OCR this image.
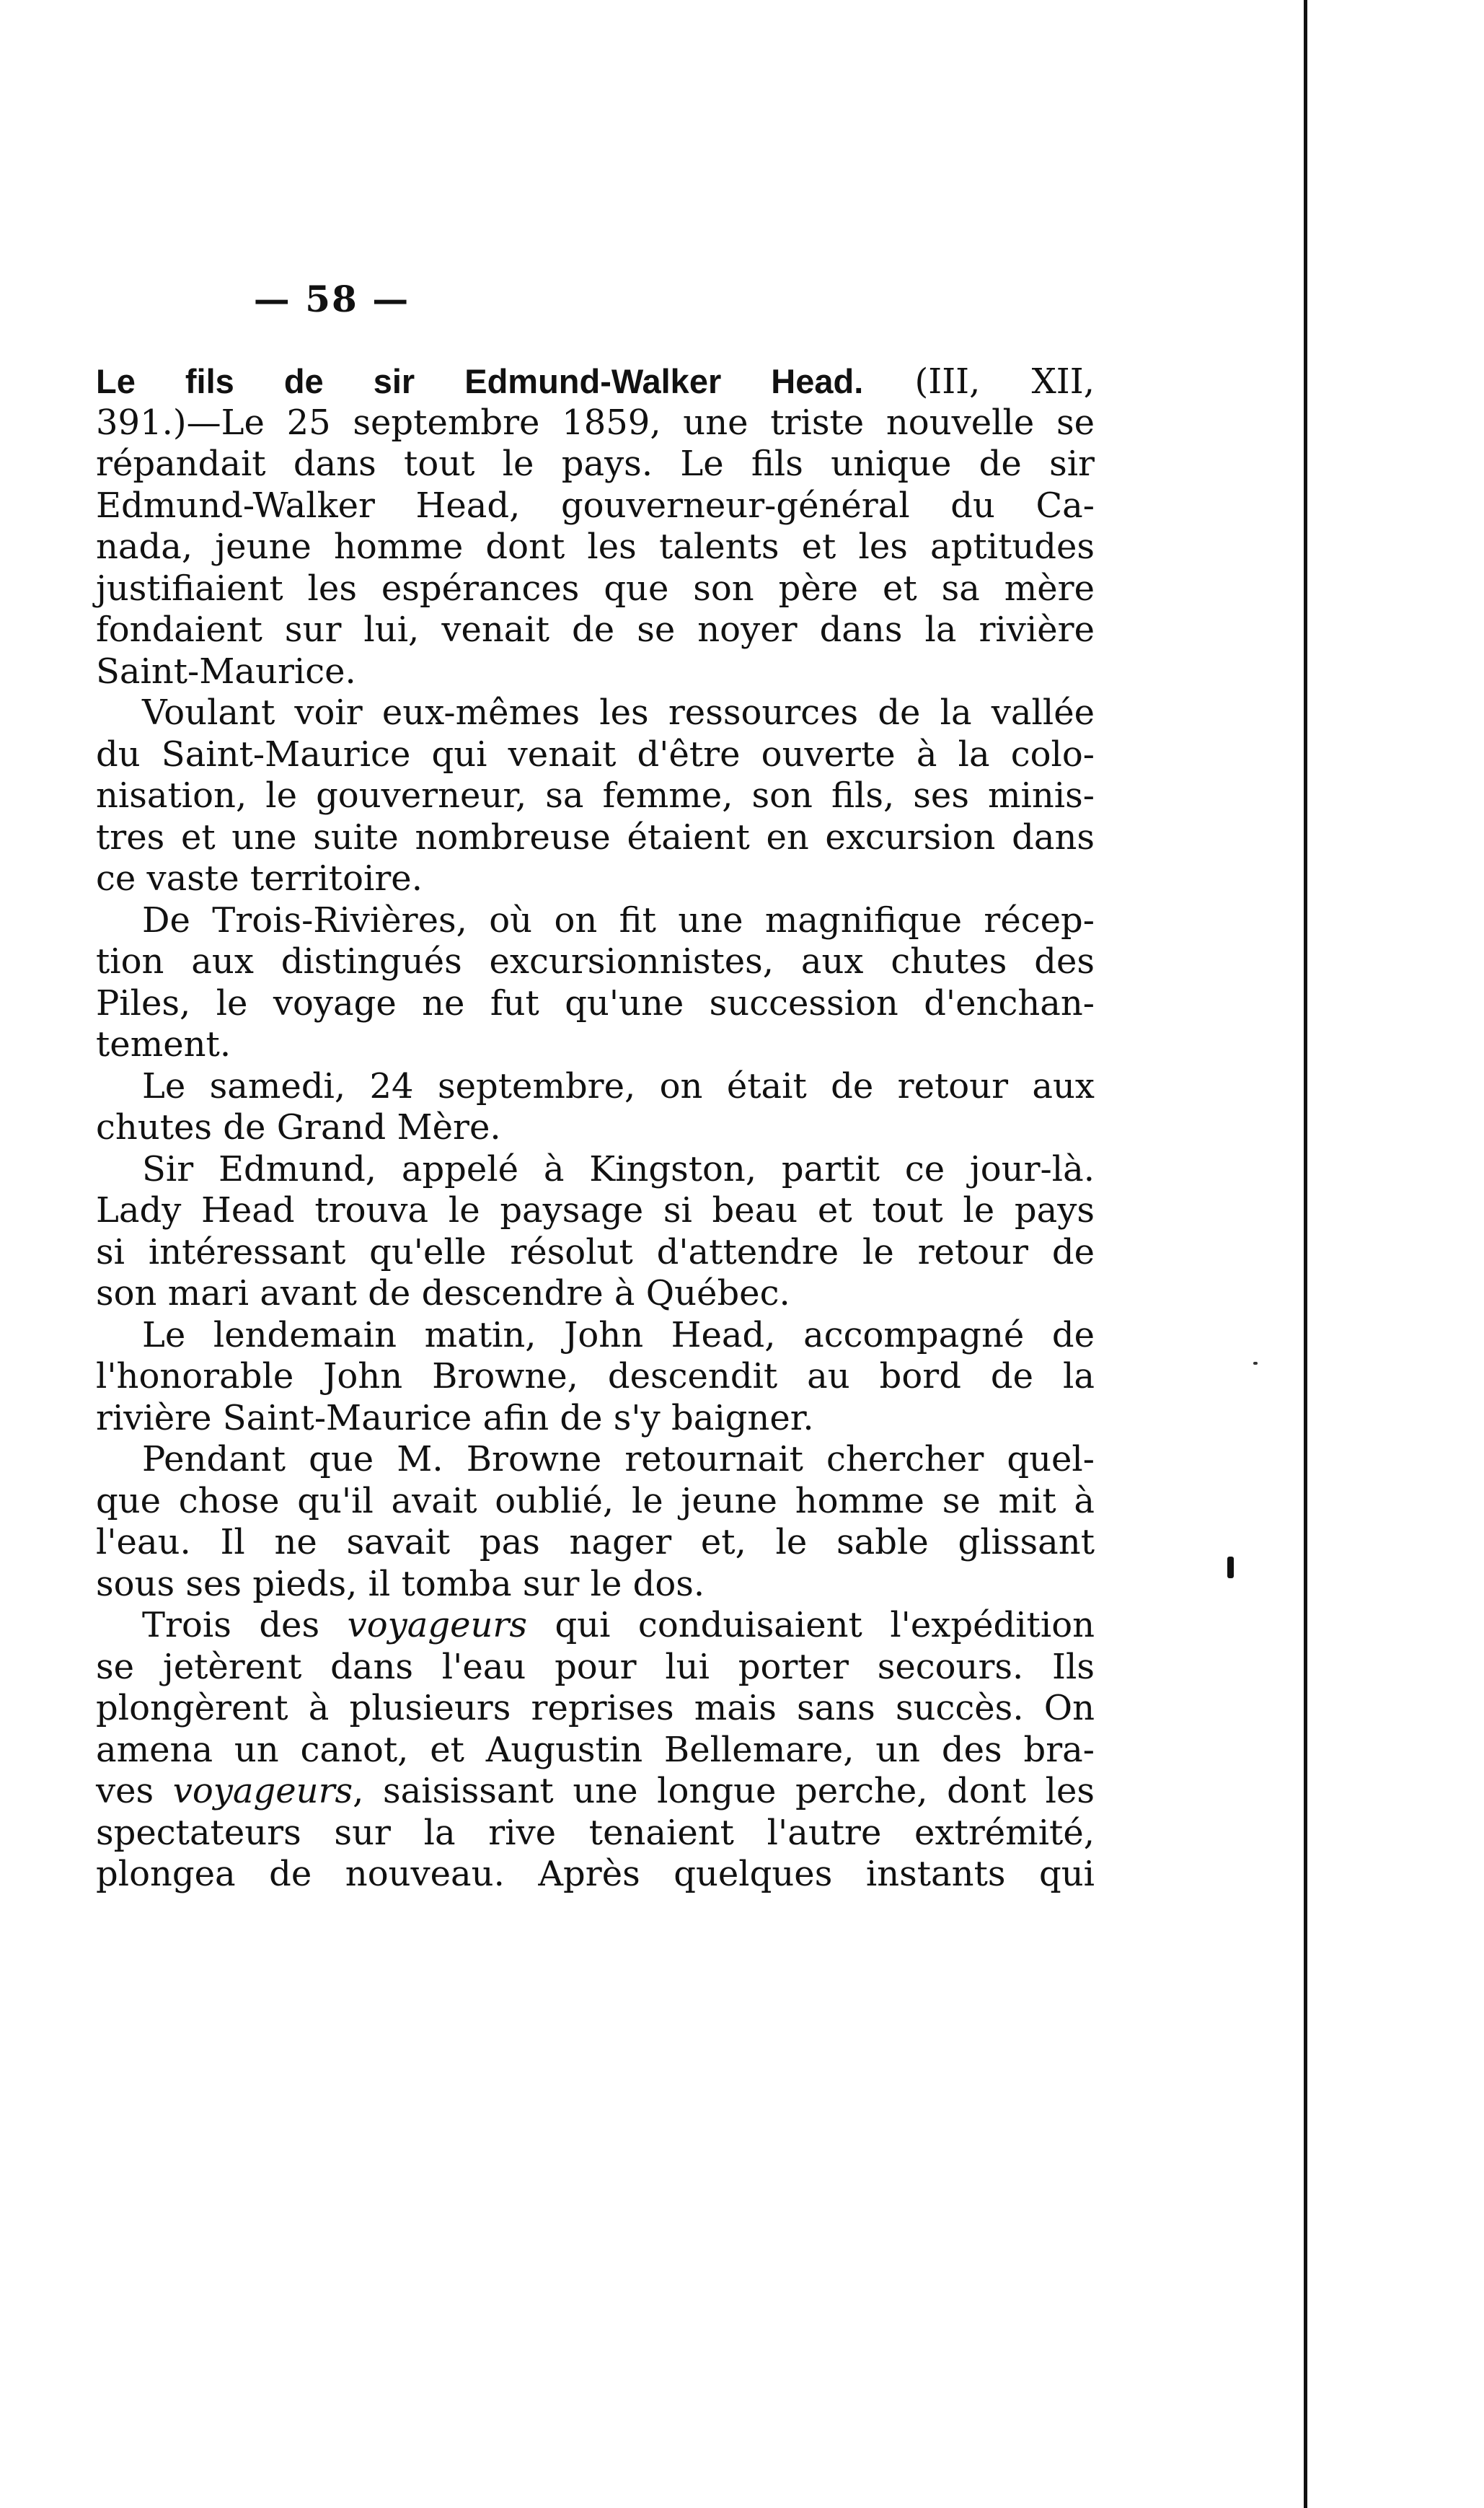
— 58 —
Le fils de sir Edmund-Walker Head. (III, XII,
391.)—Le 25 septembre 1859, une triste nouvelle se
répandait dans tout le pays. Le fils unique de sir
Edmund-Walker Head, gouverneur-général du Ca-
nada, jeune homme dont les talents et les aptitudes
justifiaient les espérances que son père et sa mère
fondaient sur lui, venait de se noyer dans la rivière
Saint-Maurice.
Voulant voir eux-mêmes les ressources de la vallée
du Saint-Maurice qui venait d'être ouverte à la colo-
nisation, le gouverneur, sa femme, son fils, ses minis-
tres et une suite nombreuse étaient en excursion dans
ce vaste territoire.
De Trois-Rivières, où on fit une magnifique récep-
tion aux distingués excursionnistes, aux chutes des
Piles, le voyage ne fut qu'une succession d'enchan-
tement.
Le samedi, 24 septembre, on était de retour aux
chutes de Grand Mère.
Sir Edmund, appelé à Kingston, partit ce jour-là.
Lady Head trouva le paysage si beau et tout le pays
si intéressant qu'elle résolut d'attendre le retour de
son mari avant de descendre à Québec.
Le lendemain matin, John Head, accompagné de
l'honorable John Browne, descendit au bord de la
rivière Saint-Maurice afin de s'y baigner.
Pendant que M. Browne retournait chercher quel-
que chose qu'il avait oublié, le jeune homme se mit à
l'eau. Il ne savait pas nager et, le sable glissant
sous ses pieds, il tomba sur le dos.
Trois des voyageurs qui conduisaient l'expédition
se jetèrent dans l'eau pour lui porter secours. Ils
plongèrent à plusieurs reprises mais sans succès. On
amena un canot, et Augustin Bellemare, un des bra-
ves voyageurs, saisissant une longue perche, dont les
spectateurs sur la rive tenaient l'autre extrémité,
plongea de nouveau. Après quelques instants qui
